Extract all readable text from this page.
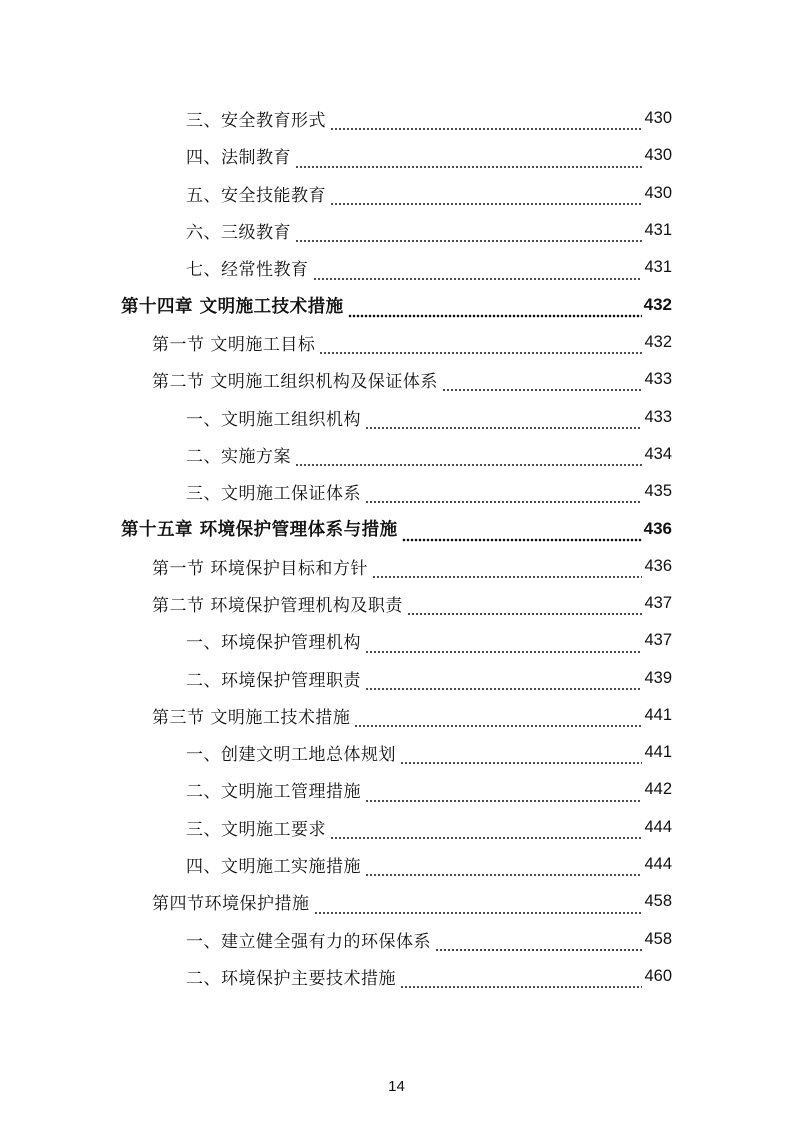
三、安全教育形式	430
四、法制教育	430
五、安全技能教育	430
六、三级教育	431
七、经常性教育	431
第十四章 文明施工技术措施	432
第一节 文明施工目标	432
第二节 文明施工组织机构及保证体系	433
一、文明施工组织机构	433
二、实施方案	434
三、文明施工保证体系	435
第十五章 环境保护管理体系与措施	436
第一节 环境保护目标和方针	436
第二节 环境保护管理机构及职责	437
一、环境保护管理机构	437
二、环境保护管理职责	439
第三节 文明施工技术措施	441
一、创建文明工地总体规划	441
二、文明施工管理措施	442
三、文明施工要求	444
四、文明施工实施措施	444
第四节环境保护措施	458
一、建立健全强有力的环保体系	458
二、环境保护主要技术措施	460
14
